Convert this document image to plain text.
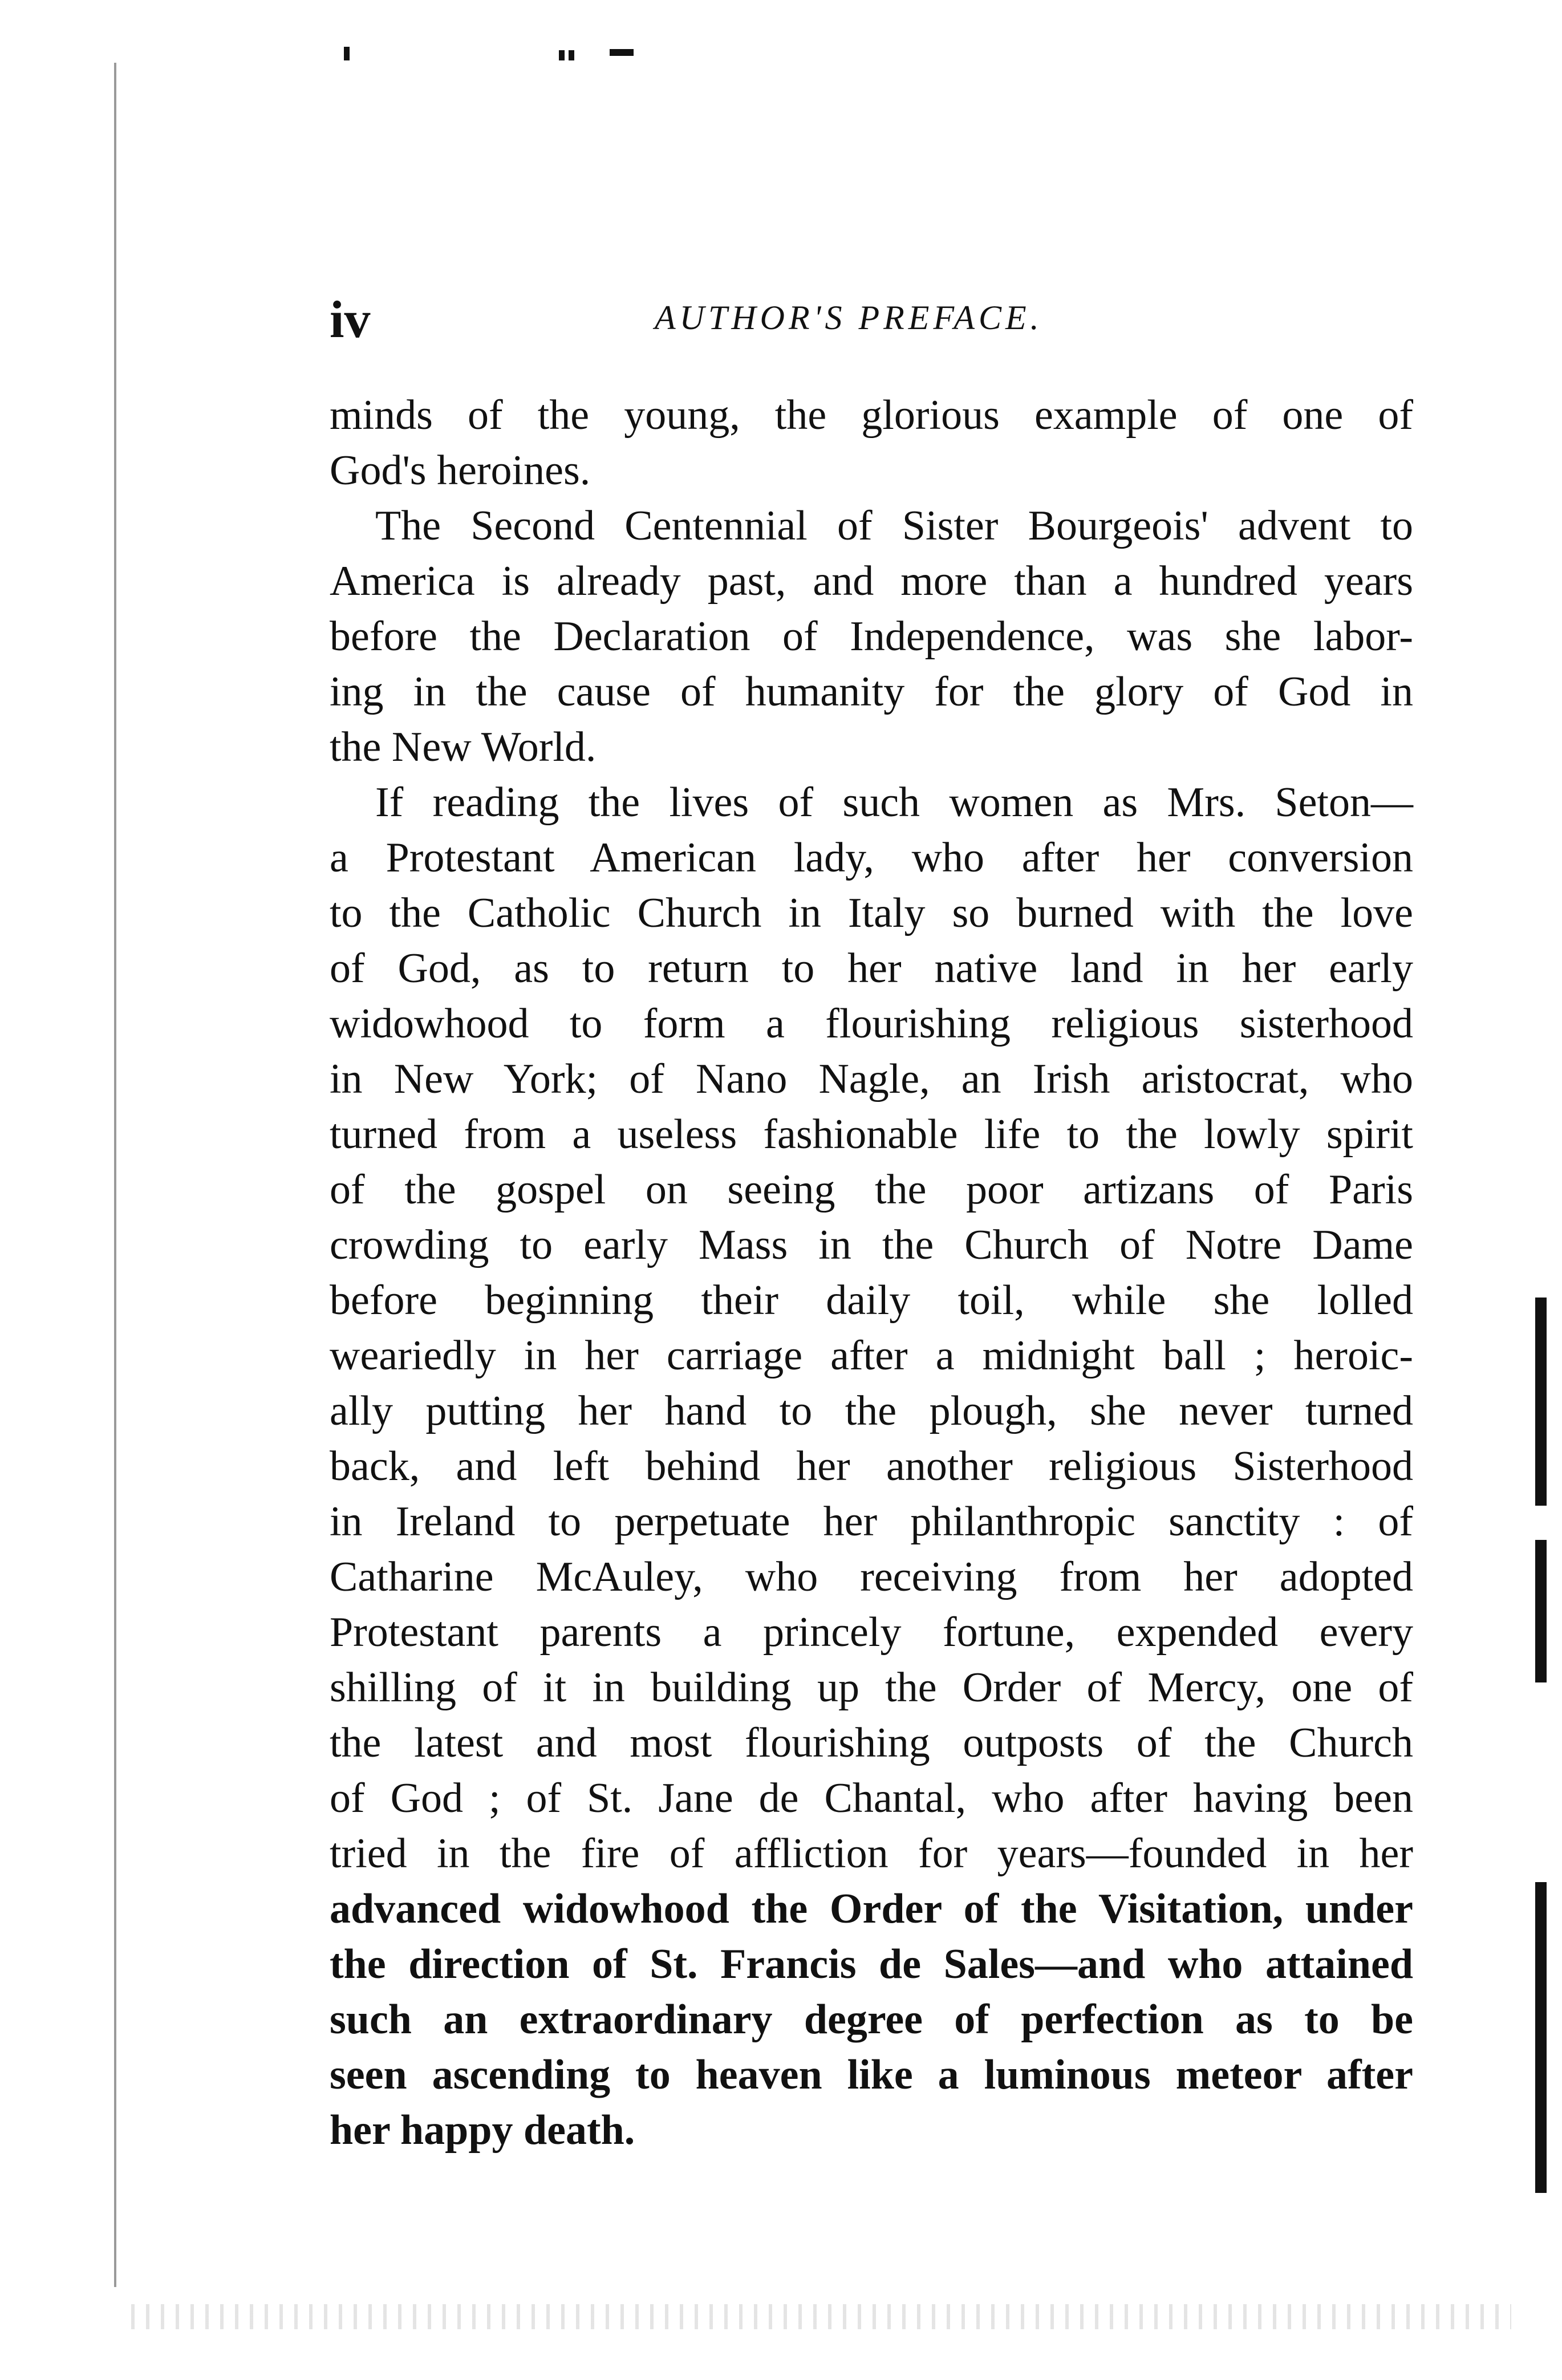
iv	AUTHOR'S PREFACE.
minds of the young, the glorious example of one of
God's heroines.
The Second Centennial of Sister Bourgeois' advent to
America is already past, and more than a hundred years
before the Declaration of Independence, was she labor-
ing in the cause of humanity for the glory of God in
the New World.
If reading the lives of such women as Mrs. Seton—
a Protestant American lady, who after her conversion
to the Catholic Church in Italy so burned with the love
of God, as to return to her native land in her early
widowhood to form a flourishing religious sisterhood
in New York; of Nano Nagle, an Irish aristocrat, who
turned from a useless fashionable life to the lowly spirit
of the gospel on seeing the poor artizans of Paris
crowding to early Mass in the Church of Notre Dame
before beginning their daily toil, while she lolled
weariedly in her carriage after a midnight ball ; heroic-
ally putting her hand to the plough, she never turned
back, and left behind her another religious Sisterhood
in Ireland to perpetuate her philanthropic sanctity : of
Catharine McAuley, who receiving from her adopted
Protestant parents a princely fortune, expended every
shilling of it in building up the Order of Mercy, one of
the latest and most flourishing outposts of the Church
of God ; of St. Jane de Chantal, who after having been
tried in the fire of affliction for years—founded in her
advanced widowhood the Order of the Visitation, under
the direction of St. Francis de Sales—and who attained
such an extraordinary degree of perfection as to be
seen ascending to heaven like a luminous meteor after
her happy death.
